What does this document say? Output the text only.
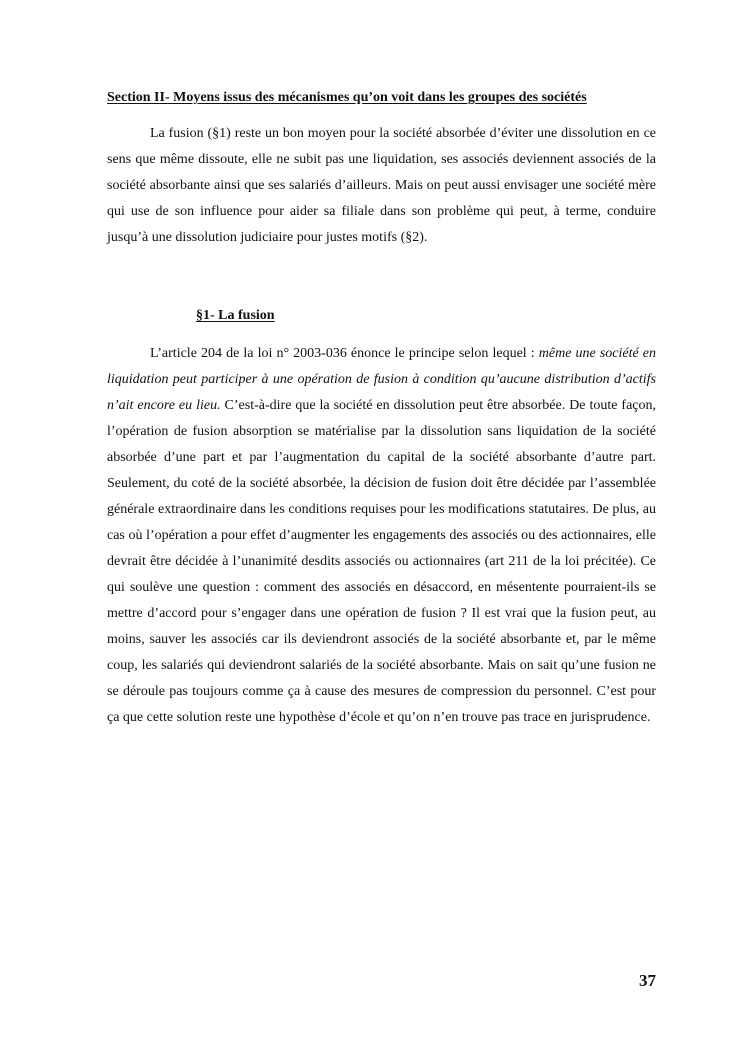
Section II- Moyens issus des mécanismes qu’on voit dans les groupes des sociétés

La fusion (§1) reste un bon moyen pour la société absorbée d’éviter une dissolution en ce sens que même dissoute, elle ne subit pas une liquidation, ses associés deviennent associés de la société absorbante ainsi que ses salariés d’ailleurs. Mais on peut aussi envisager une société mère qui use de son influence pour aider sa filiale dans son problème qui peut, à terme, conduire jusqu’à une dissolution judiciaire pour justes motifs (§2).

§1- La fusion

L’article 204 de la loi n° 2003-036 énonce le principe selon lequel : même une société en liquidation peut participer à une opération de fusion à condition qu’aucune distribution d’actifs n’ait encore eu lieu. C’est-à-dire que la société en dissolution peut être absorbée. De toute façon, l’opération de fusion absorption se matérialise par la dissolution sans liquidation de la société absorbée d’une part et par l’augmentation du capital de la société absorbante d’autre part. Seulement, du coté de la société absorbée, la décision de fusion doit être décidée par l’assemblée générale extraordinaire dans les conditions requises pour les modifications statutaires. De plus, au cas où l’opération a pour effet d’augmenter les engagements des associés ou des actionnaires, elle devrait être décidée à l’unanimité desdits associés ou actionnaires (art 211 de la loi précitée). Ce qui soulève une question : comment des associés en désaccord, en mésentente pourraient-ils se mettre d’accord pour s’engager dans une opération de fusion ? Il est vrai que la fusion peut, au moins, sauver les associés car ils deviendront associés de la société absorbante et, par le même coup, les salariés qui deviendront salariés de la société absorbante. Mais on sait qu’une fusion ne se déroule pas toujours comme ça à cause des mesures de compression du personnel. C’est pour ça que cette solution reste une hypothèse d’école et qu’on n’en trouve pas trace en jurisprudence.

37
